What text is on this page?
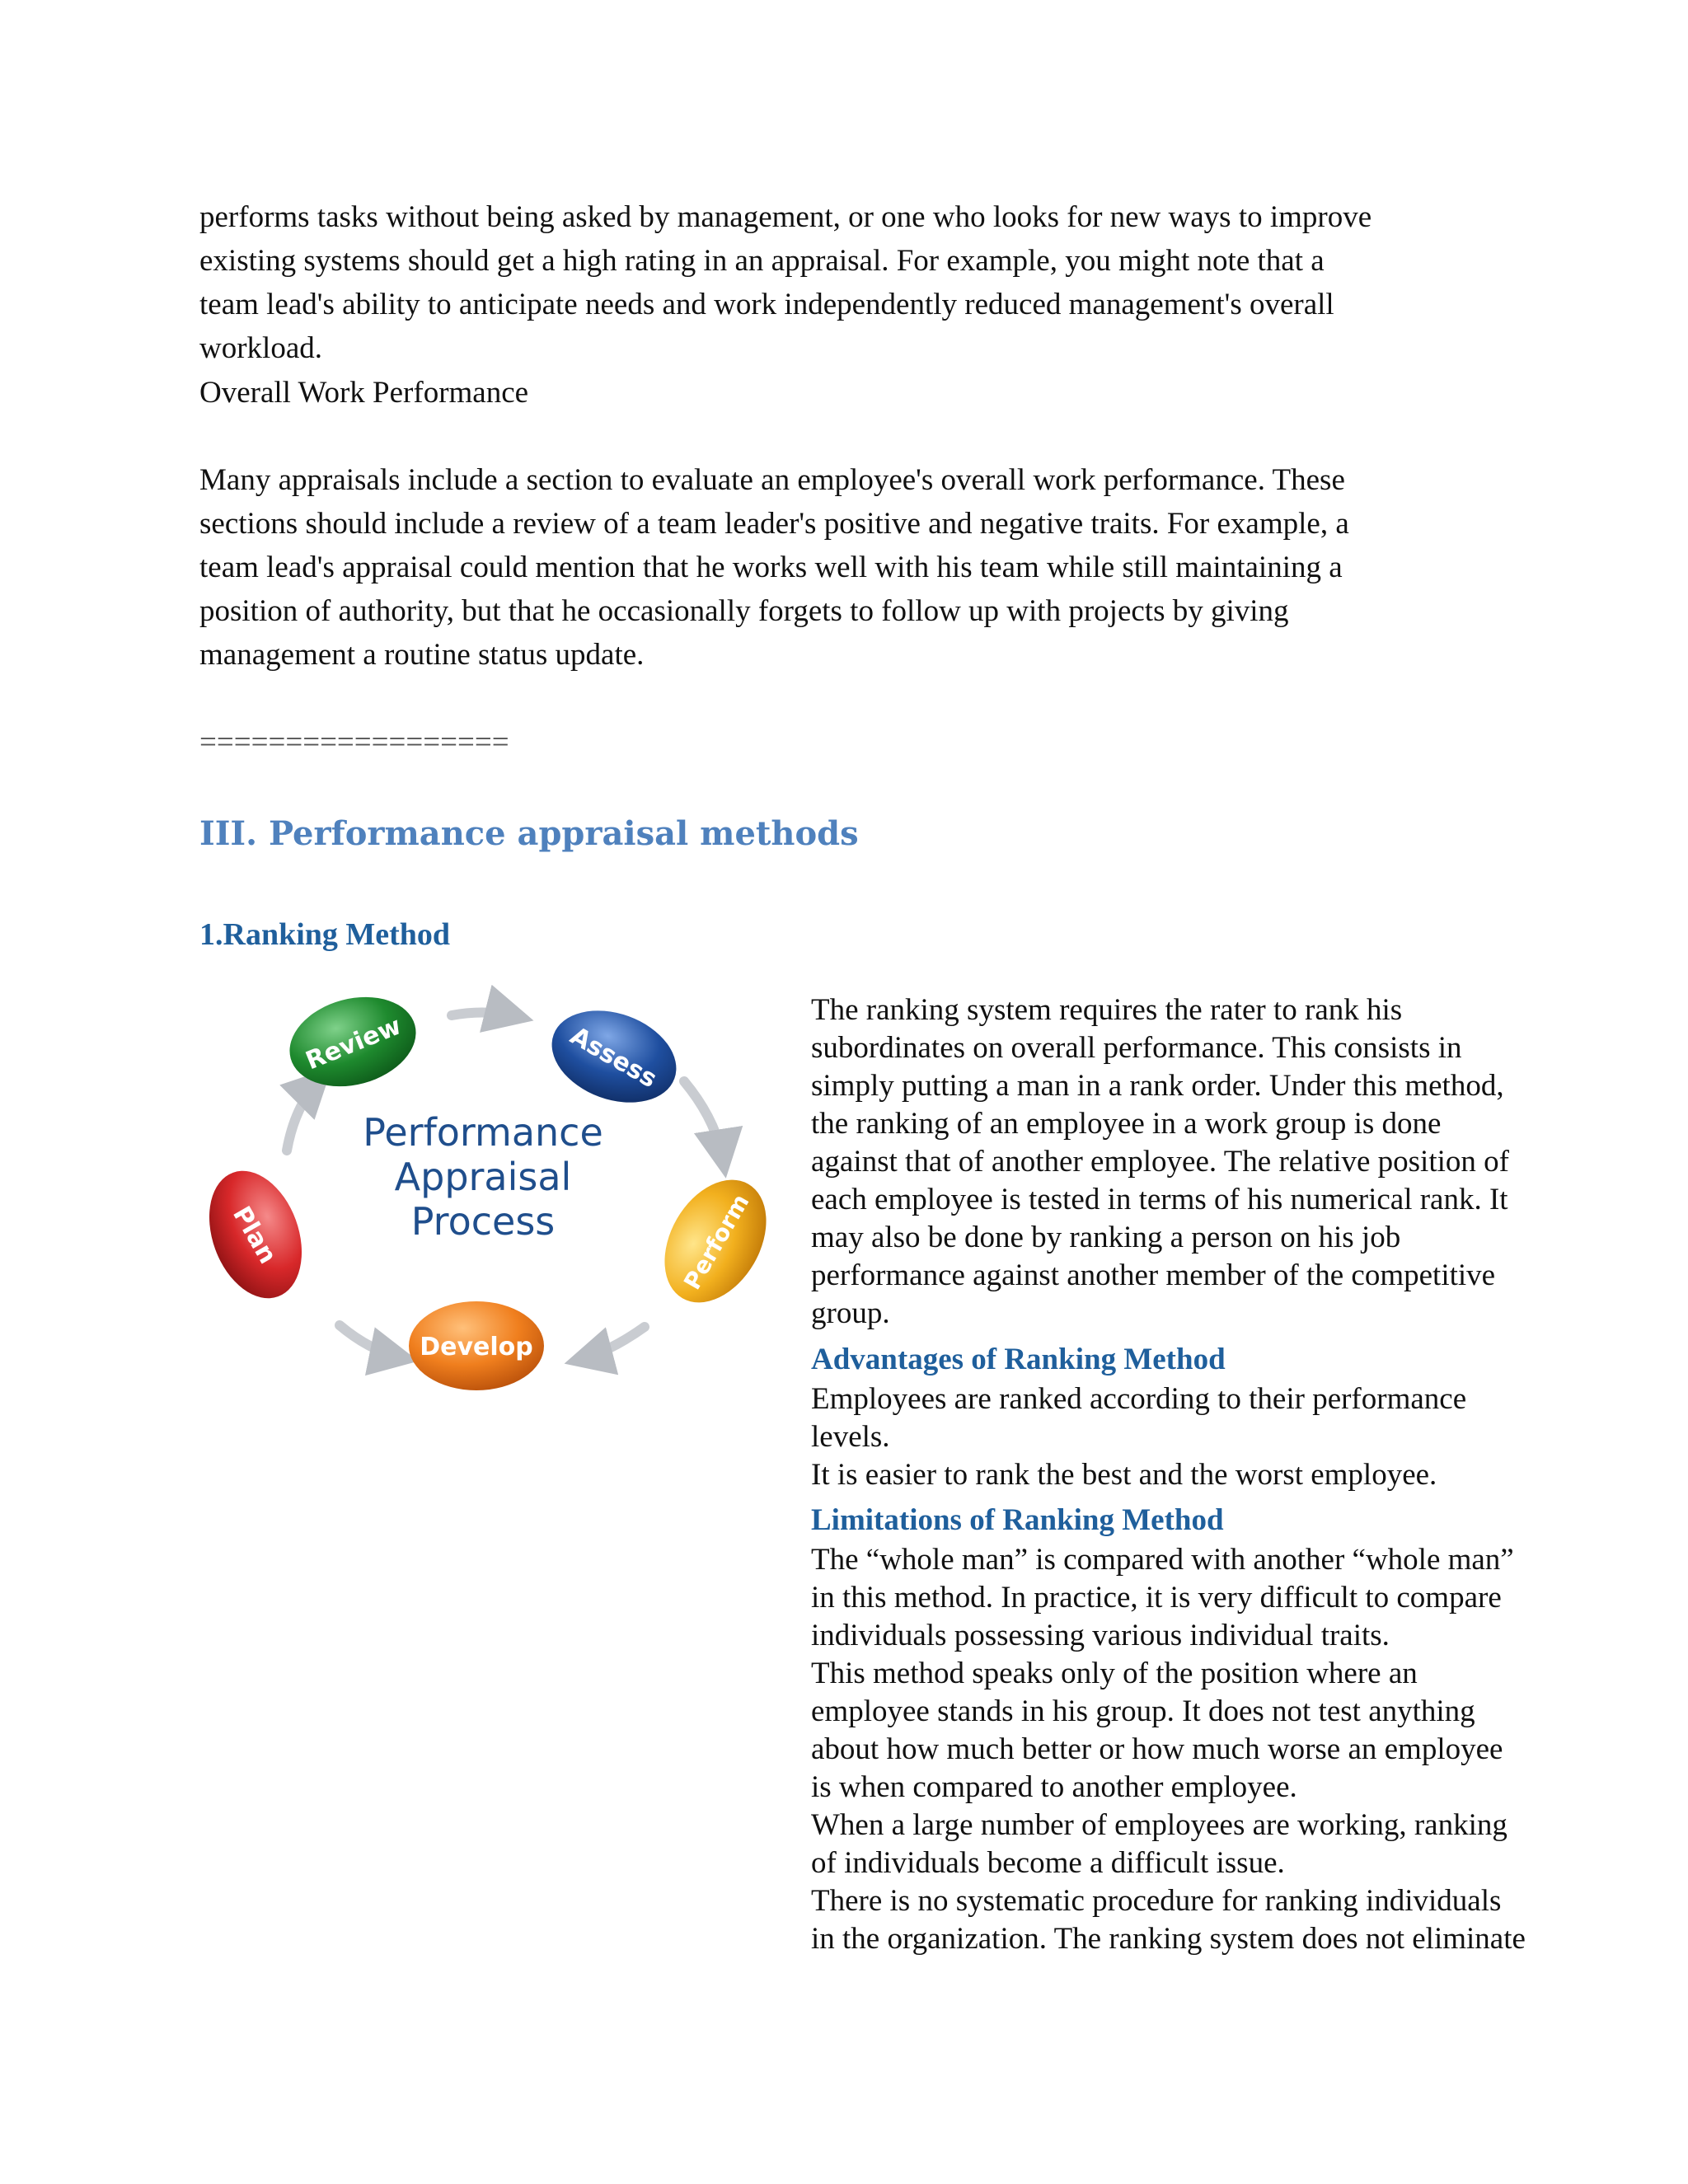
performs tasks without being asked by management, or one who looks for new ways to improve
existing systems should get a high rating in an appraisal. For example, you might note that a
team lead's ability to anticipate needs and work independently reduced management's overall
workload.

Overall Work Performance

Many appraisals include a section to evaluate an employee's overall work performance. These
sections should include a review of a team leader's positive and negative traits. For example, a
team lead's appraisal could mention that he works well with his team while still maintaining a
position of authority, but that he occasionally forgets to follow up with projects by giving
management a routine status update.

==================

III. Performance appraisal methods
1.Ranking Method
Review	Assess
Perform
Develop
Plan
Performance
Appraisal
Process

The ranking system requires the rater to rank his
subordinates on overall performance. This consists in
simply putting a man in a rank order. Under this method,
the ranking of an employee in a work group is done
against that of another employee. The relative position of
each employee is tested in terms of his numerical rank. It
may also be done by ranking a person on his job
performance against another member of the competitive
group.

Advantages of Ranking Method

Employees are ranked according to their performance
levels.
It is easier to rank the best and the worst employee.

Limitations of Ranking Method

The “whole man” is compared with another “whole man”
in this method. In practice, it is very difficult to compare
individuals possessing various individual traits.
This method speaks only of the position where an
employee stands in his group. It does not test anything
about how much better or how much worse an employee
is when compared to another employee.
When a large number of employees are working, ranking
of individuals become a difficult issue.
There is no systematic procedure for ranking individuals
in the organization. The ranking system does not eliminate
